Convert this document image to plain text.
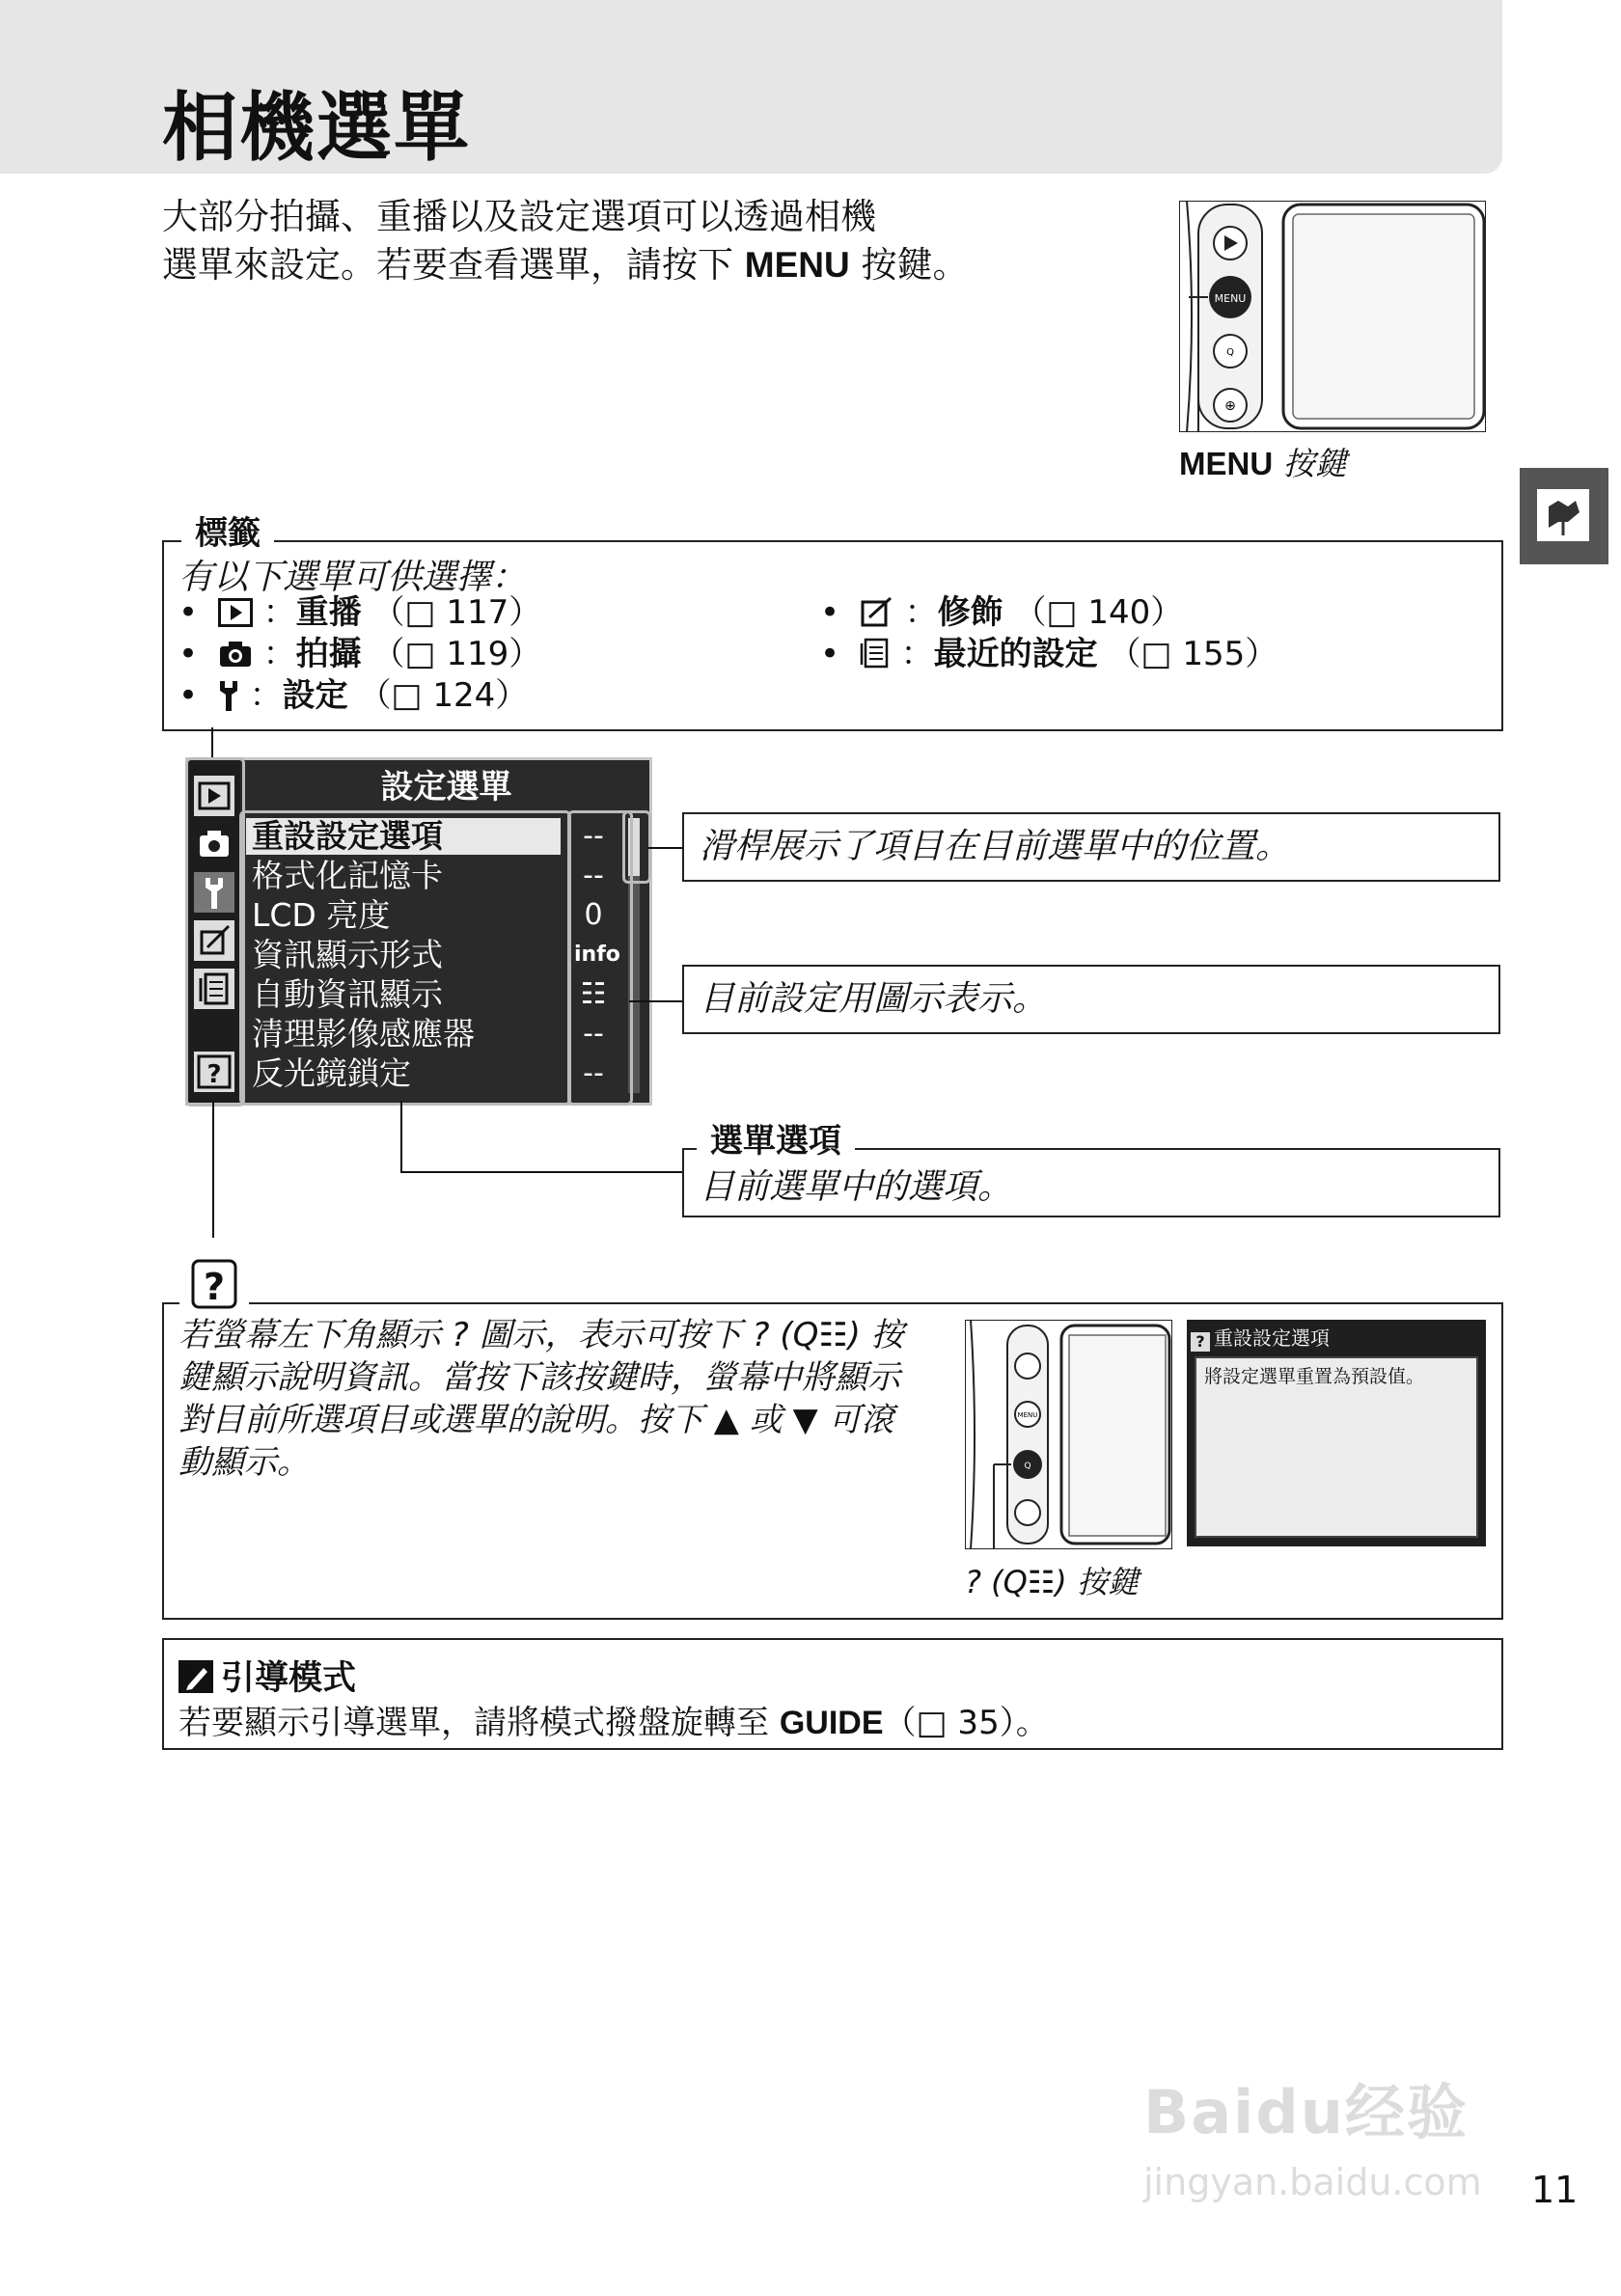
相機選單
大部分拍攝、重播以及設定選項可以透過相機
選單來設定。若要查看選單，請按下 MENU 按鍵。
MENU
Q
⊕
MENU 按鍵
標籤
有以下選單可供選擇：
•
：重播 （□ 117）
•  ：拍攝 （□ 119）
•  ：設定 （□ 124）
•  ：修飾 （□ 140）
•  ：最近的設定 （□ 155）
?
設定選單
重設設定選項
格式化記憶卡
LCD 亮度
資訊顯示形式
自動資訊顯示
清理影像感應器
反光鏡鎖定
--
--
0
info
☷
--
--
滑桿展示了項目在目前選單中的位置。
目前設定用圖示表示。
目前選單中的選項。
選單選項
?
若螢幕左下角顯示 ? 圖示，表示可按下 ? (Q☷) 按
鍵顯示說明資訊。當按下該按鍵時，螢幕中將顯示
對目前所選項目或選單的說明。按下 ▲ 或 ▼ 可滾
動顯示。
MENU
Q
? (Q☷) 按鍵
? 重設設定選項
將設定選單重置為預設值。
引導模式
若要顯示引導選單，請將模式撥盤旋轉至 GUIDE（□ 35）。
Baidu经验
jingyan.baidu.com 11
